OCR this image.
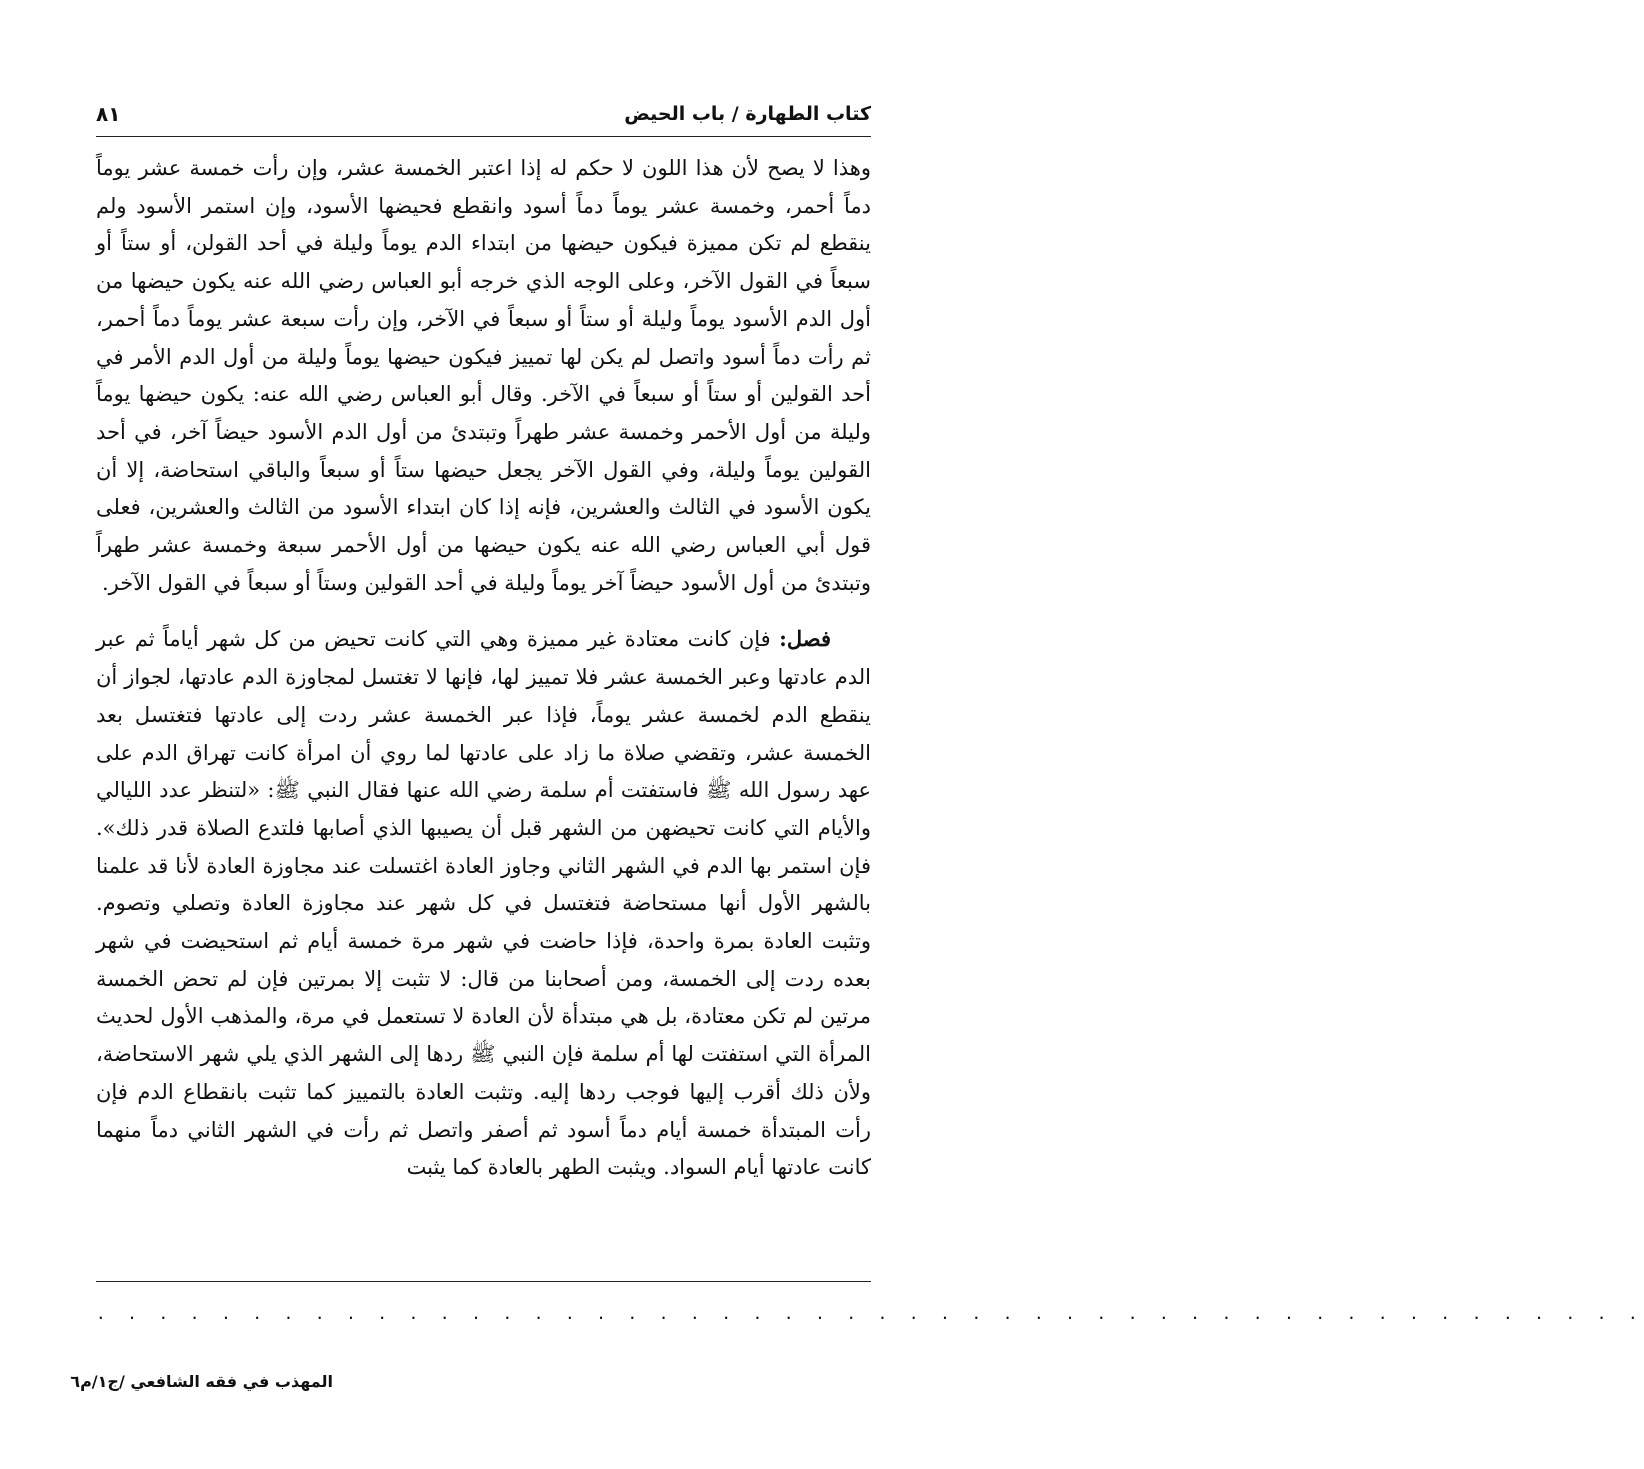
كتاب الطهارة / باب الحيض
٨١

وهذا لا يصح لأن هذا اللون لا حكم له إذا اعتبر الخمسة عشر، وإن رأت خمسة عشر يوماً دماً أحمر، وخمسة عشر يوماً دماً أسود وانقطع فحيضها الأسود، وإن استمر الأسود ولم ينقطع لم تكن مميزة فيكون حيضها من ابتداء الدم يوماً وليلة في أحد القولن، أو ستاً أو سبعاً في القول الآخر، وعلى الوجه الذي خرجه أبو العباس رضي الله عنه يكون حيضها من أول الدم الأسود يوماً وليلة أو ستاً أو سبعاً في الآخر، وإن رأت سبعة عشر يوماً دماً أحمر، ثم رأت دماً أسود واتصل لم يكن لها تمييز فيكون حيضها يوماً وليلة من أول الدم الأمر في أحد القولين أو ستاً أو سبعاً في الآخر. وقال أبو العباس رضي الله عنه: يكون حيضها يوماً وليلة من أول الأحمر وخمسة عشر طهراً وتبتدئ من أول الدم الأسود حيضاً آخر، في أحد القولين يوماً وليلة، وفي القول الآخر يجعل حيضها ستاً أو سبعاً والباقي استحاضة، إلا أن يكون الأسود في الثالث والعشرين، فإنه إذا كان ابتداء الأسود من الثالث والعشرين، فعلى قول أبي العباس رضي الله عنه يكون حيضها من أول الأحمر سبعة وخمسة عشر طهراً وتبتدئ من أول الأسود حيضاً آخر يوماً وليلة في أحد القولين وستاً أو سبعاً في القول الآخر.

فصل: فإن كانت معتادة غير مميزة وهي التي كانت تحيض من كل شهر أياماً ثم عبر الدم عادتها وعبر الخمسة عشر فلا تمييز لها، فإنها لا تغتسل لمجاوزة الدم عادتها، لجواز أن ينقطع الدم لخمسة عشر يوماً، فإذا عبر الخمسة عشر ردت إلى عادتها فتغتسل بعد الخمسة عشر، وتقضي صلاة ما زاد على عادتها لما روي أن امرأة كانت تهراق الدم على عهد رسول الله ﷺ فاستفتت أم سلمة رضي الله عنها فقال النبي ﷺ: «لتنظر عدد الليالي والأيام التي كانت تحيضهن من الشهر قبل أن يصيبها الذي أصابها فلتدع الصلاة قدر ذلك». فإن استمر بها الدم في الشهر الثاني وجاوز العادة اغتسلت عند مجاوزة العادة لأنا قد علمنا بالشهر الأول أنها مستحاضة فتغتسل في كل شهر عند مجاوزة العادة وتصلي وتصوم. وتثبت العادة بمرة واحدة، فإذا حاضت في شهر مرة خمسة أيام ثم استحيضت في شهر بعده ردت إلى الخمسة، ومن أصحابنا من قال: لا تثبت إلا بمرتين فإن لم تحض الخمسة مرتين لم تكن معتادة، بل هي مبتدأة لأن العادة لا تستعمل في مرة، والمذهب الأول لحديث المرأة التي استفتت لها أم سلمة فإن النبي ﷺ ردها إلى الشهر الذي يلي شهر الاستحاضة، ولأن ذلك أقرب إليها فوجب ردها إليه. وتثبت العادة بالتمييز كما تثبت بانقطاع الدم فإن رأت المبتدأة خمسة أيام دماً أسود ثم أصفر واتصل ثم رأت في الشهر الثاني دماً منهما كانت عادتها أيام السواد. ويثبت الطهر بالعادة كما يثبت

. . . . . . . . . . . . . . . . . . . . . . . . . . . . . . . . . . . . . . . . . . . . . . . . . .
المهذب في فقه الشافعي /ج١/م٦
